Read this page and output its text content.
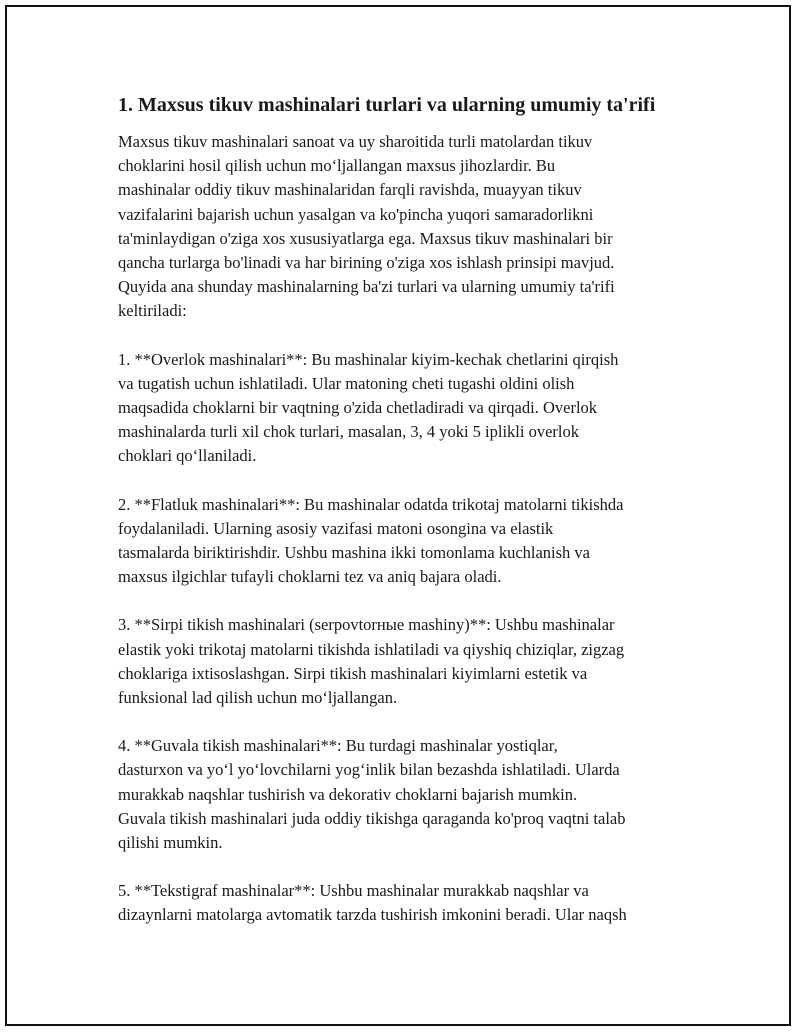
1. Maxsus tikuv mashinalari turlari va ularning umumiy ta'rifi

Maxsus tikuv mashinalari sanoat va uy sharoitida turli matolardan tikuv
choklarini hosil qilish uchun moʻljallangan maxsus jihozlardir. Bu
mashinalar oddiy tikuv mashinalaridan farqli ravishda, muayyan tikuv
vazifalarini bajarish uchun yasalgan va ko'pincha yuqori samaradorlikni
ta'minlaydigan o'ziga xos xususiyatlarga ega. Maxsus tikuv mashinalari bir
qancha turlarga bo'linadi va har birining o'ziga xos ishlash prinsipi mavjud.
Quyida ana shunday mashinalarning ba'zi turlari va ularning umumiy ta'rifi
keltiriladi:

1. **Overlok mashinalari**: Bu mashinalar kiyim-kechak chetlarini qirqish
va tugatish uchun ishlatiladi. Ular matoning cheti tugashi oldini olish
maqsadida choklarni bir vaqtning o'zida chetladiradi va qirqadi. Overlok
mashinalarda turli xil chok turlari, masalan, 3, 4 yoki 5 iplikli overlok
choklari qoʻllaniladi.

2. **Flatluk mashinalari**: Bu mashinalar odatda trikotaj matolarni tikishda
foydalaniladi. Ularning asosiy vazifasi matoni osongina va elastik
tasmalarda biriktirishdir. Ushbu mashina ikki tomonlama kuchlanish va
maxsus ilgichlar tufayli choklarni tez va aniq bajara oladi.

3. **Sirpi tikish mashinalari (serpovtorные mashiny)**: Ushbu mashinalar
elastik yoki trikotaj matolarni tikishda ishlatiladi va qiyshiq chiziqlar, zigzag
choklariga ixtisoslashgan. Sirpi tikish mashinalari kiyimlarni estetik va
funksional lad qilish uchun moʻljallangan.

4. **Guvala tikish mashinalari**: Bu turdagi mashinalar yostiqlar,
dasturxon va yoʻl yoʻlovchilarni yogʻinlik bilan bezashda ishlatiladi. Ularda
murakkab naqshlar tushirish va dekorativ choklarni bajarish mumkin.
Guvala tikish mashinalari juda oddiy tikishga qaraganda ko'proq vaqtni talab
qilishi mumkin.

5. **Tekstigraf mashinalar**: Ushbu mashinalar murakkab naqshlar va
dizaynlarni matolarga avtomatik tarzda tushirish imkonini beradi. Ular naqsh
